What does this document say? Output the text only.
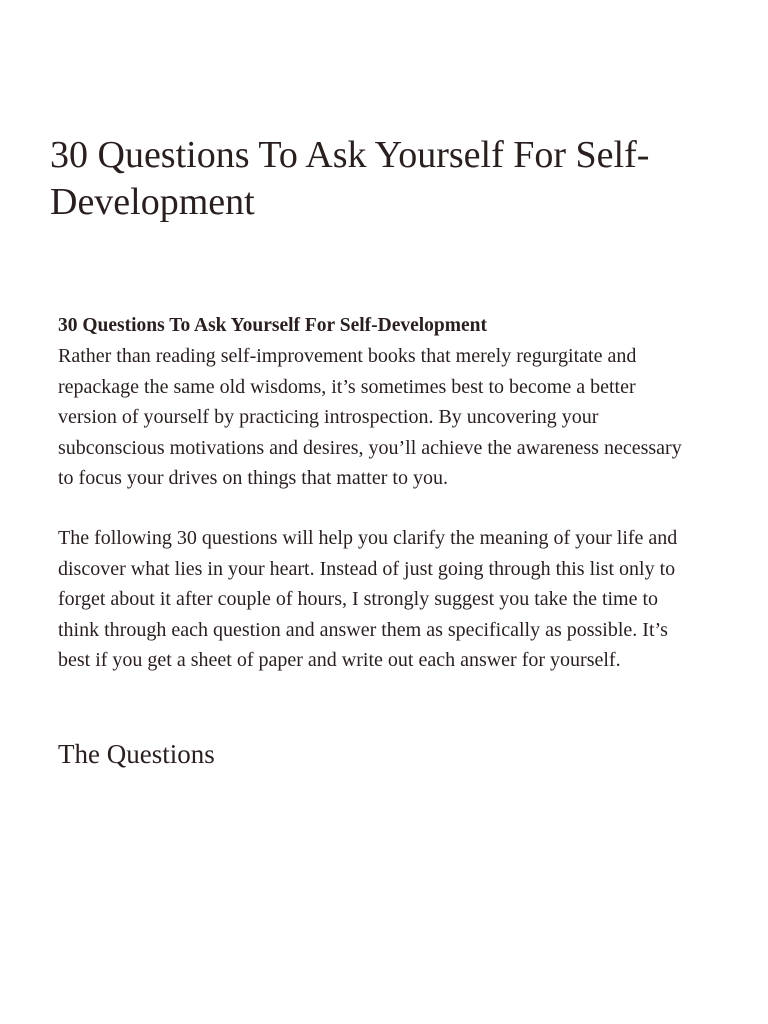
30 Questions To Ask Yourself For Self-Development

30 Questions To Ask Yourself For Self-Development
Rather than reading self-improvement books that merely regurgitate and repackage the same old wisdoms, it’s sometimes best to become a better version of yourself by practicing introspection. By uncovering your subconscious motivations and desires, you’ll achieve the awareness necessary to focus your drives on things that matter to you.

The following 30 questions will help you clarify the meaning of your life and discover what lies in your heart. Instead of just going through this list only to forget about it after couple of hours, I strongly suggest you take the time to think through each question and answer them as specifically as possible. It’s best if you get a sheet of paper and write out each answer for yourself.

The Questions
